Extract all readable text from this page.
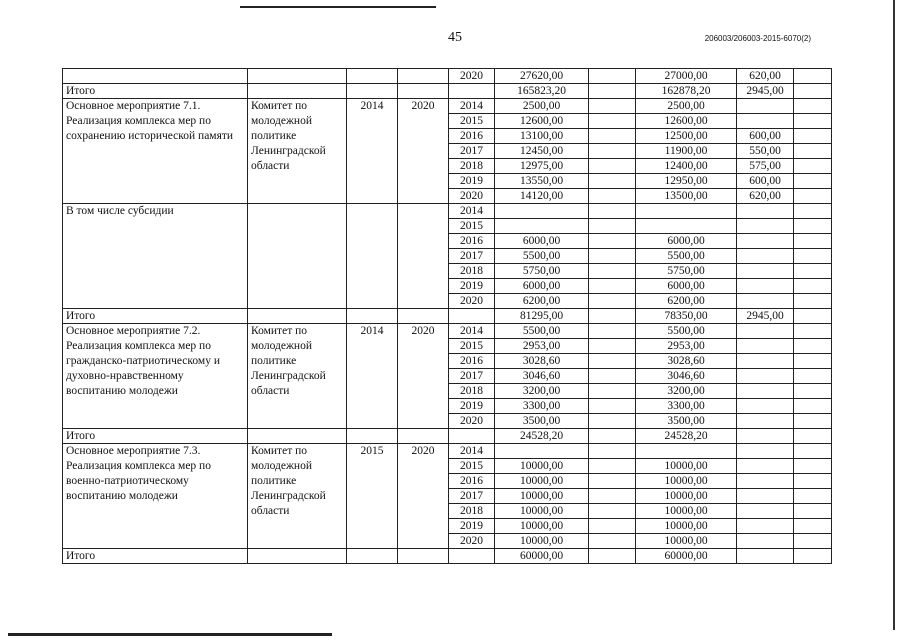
45	206003/206003-2015-6070(2)
				2020	27620,00		27000,00	620,00	
Итого					165823,20		162878,20	2945,00	
Основное мероприятие 7.1. Реализация комплекса мер по сохранению исторической памяти	Комитет по молодежной политике Ленинградской области	2014	2020	2014	2500,00		2500,00		
				2015	12600,00		12600,00		
				2016	13100,00		12500,00	600,00	
				2017	12450,00		11900,00	550,00	
				2018	12975,00		12400,00	575,00	
				2019	13550,00		12950,00	600,00	
				2020	14120,00		13500,00	620,00	
В том числе субсидии				2014					
				2015					
				2016	6000,00		6000,00		
				2017	5500,00		5500,00		
				2018	5750,00		5750,00		
				2019	6000,00		6000,00		
				2020	6200,00		6200,00		
Итого					81295,00		78350,00	2945,00	
Основное мероприятие 7.2. Реализация комплекса мер по гражданско-патриотическому и духовно-нравственному воспитанию молодежи	Комитет по молодежной политике Ленинградской области	2014	2020	2014	5500,00		5500,00		
				2015	2953,00		2953,00		
				2016	3028,60		3028,60		
				2017	3046,60		3046,60		
				2018	3200,00		3200,00		
				2019	3300,00		3300,00		
				2020	3500,00		3500,00		
Итого					24528,20		24528,20		
Основное мероприятие 7.3. Реализация комплекса мер по военно-патриотическому воспитанию молодежи	Комитет по молодежной политике Ленинградской области	2015	2020	2014					
				2015	10000,00		10000,00		
				2016	10000,00		10000,00		
				2017	10000,00		10000,00		
				2018	10000,00		10000,00		
				2019	10000,00		10000,00		
				2020	10000,00		10000,00		
Итого					60000,00		60000,00		
